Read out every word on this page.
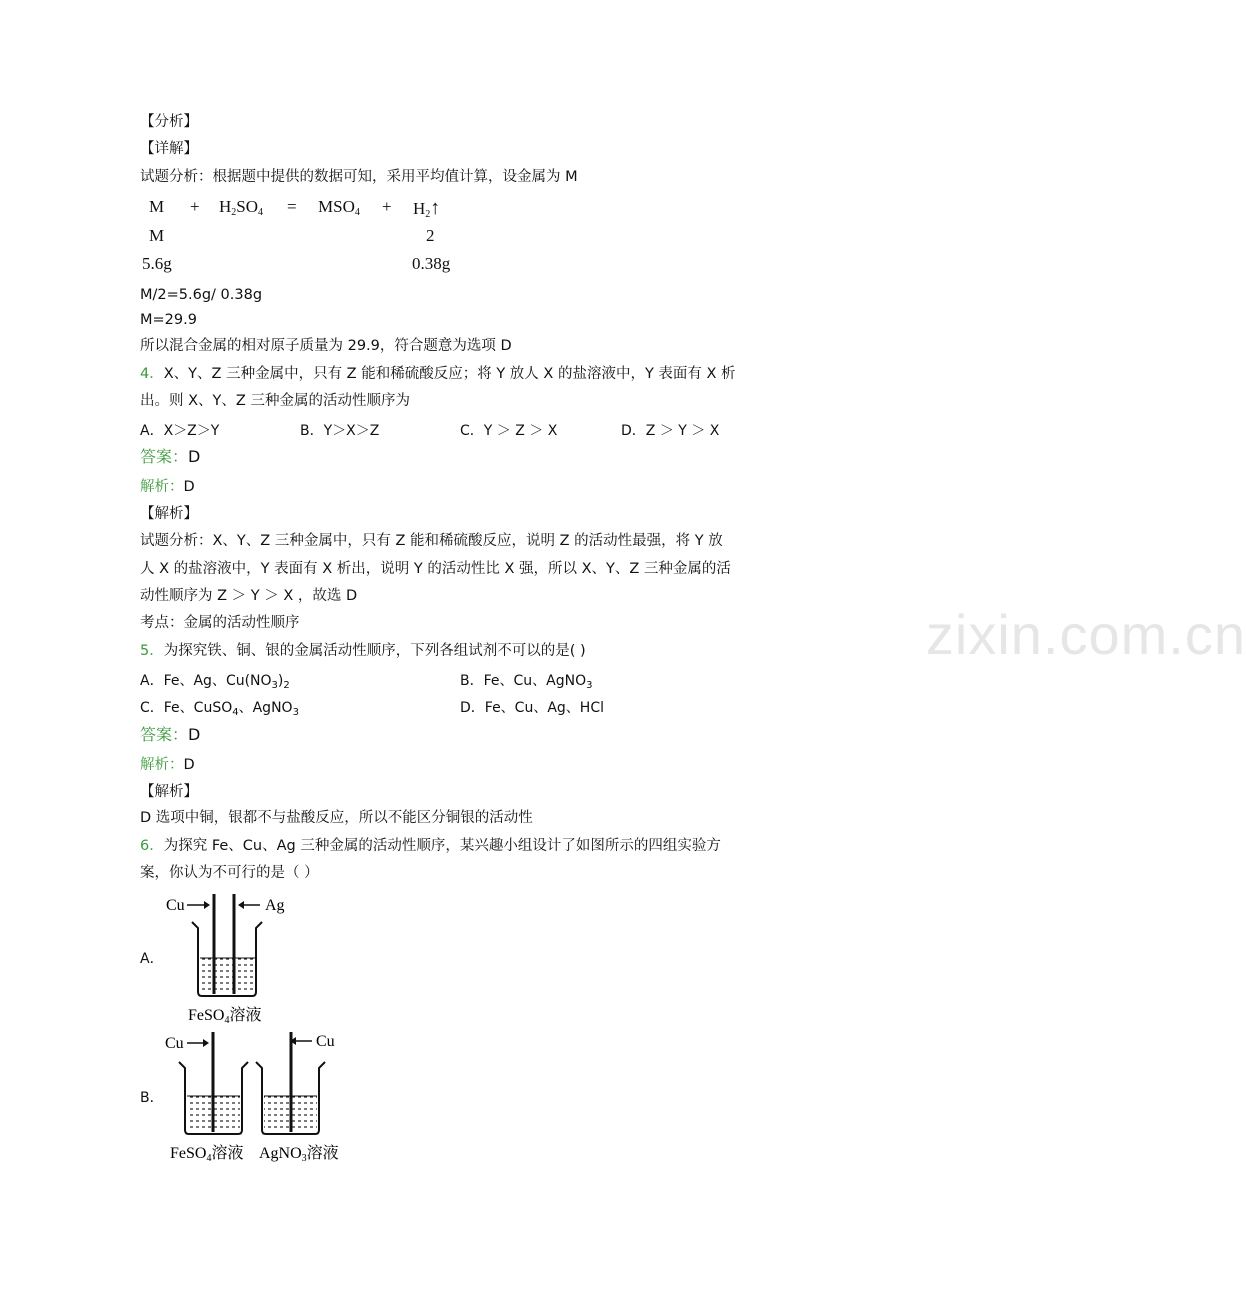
zixin.com.cn
【分析】
【详解】
试题分析：根据题中提供的数据可知，采用平均值计算，设金属为 M
$M + H_2SO_4 = MSO_4$ + $H_2↑$
M	2
5.6g	0.38g
M/2=5.6g/ 0.38g
M=29.9
所以混合金属的相对原子质量为 29.9，符合题意为选项 D
4．X、Y、Z 三种金属中，只有 Z 能和稀硫酸反应；将 Y 放人 X 的盐溶液中，Y 表面有 X 析
出。则 X、Y、Z 三种金属的活动性顺序为
A．X＞Z＞Y	B．Y＞X＞Z	C．Y ＞ Z ＞ X	D．Z ＞ Y ＞ X
答案：D
解析：D
【解析】
试题分析：X、Y、Z 三种金属中，只有 Z 能和稀硫酸反应，说明 Z 的活动性最强，将 Y 放
人 X 的盐溶液中，Y 表面有 X 析出，说明 Y 的活动性比 X 强，所以 X、Y、Z 三种金属的活
动性顺序为 Z ＞ Y ＞ X ，故选 D
考点：金属的活动性顺序
5．为探究铁、铜、银的金属活动性顺序，下列各组试剂不可以的是( )
A．Fe、Ag、$Cu(NO_3)_2$	B．Fe、Cu、AgNO$_3$
C．Fe、CuSO$_4$、AgNO$_3$	D．Fe、Cu、Ag、HCl
答案：D
解析：D
【解析】
D 选项中铜，银都不与盐酸反应，所以不能区分铜银的活动性
6．为探究 Fe、Cu、Ag 三种金属的活动性顺序，某兴趣小组设计了如图所示的四组实验方
案，你认为不可行的是（ ）
A．
Cu	Ag
FeSO4溶液
B．
Cu	Cu
FeSO4溶液 AgNO3溶液
